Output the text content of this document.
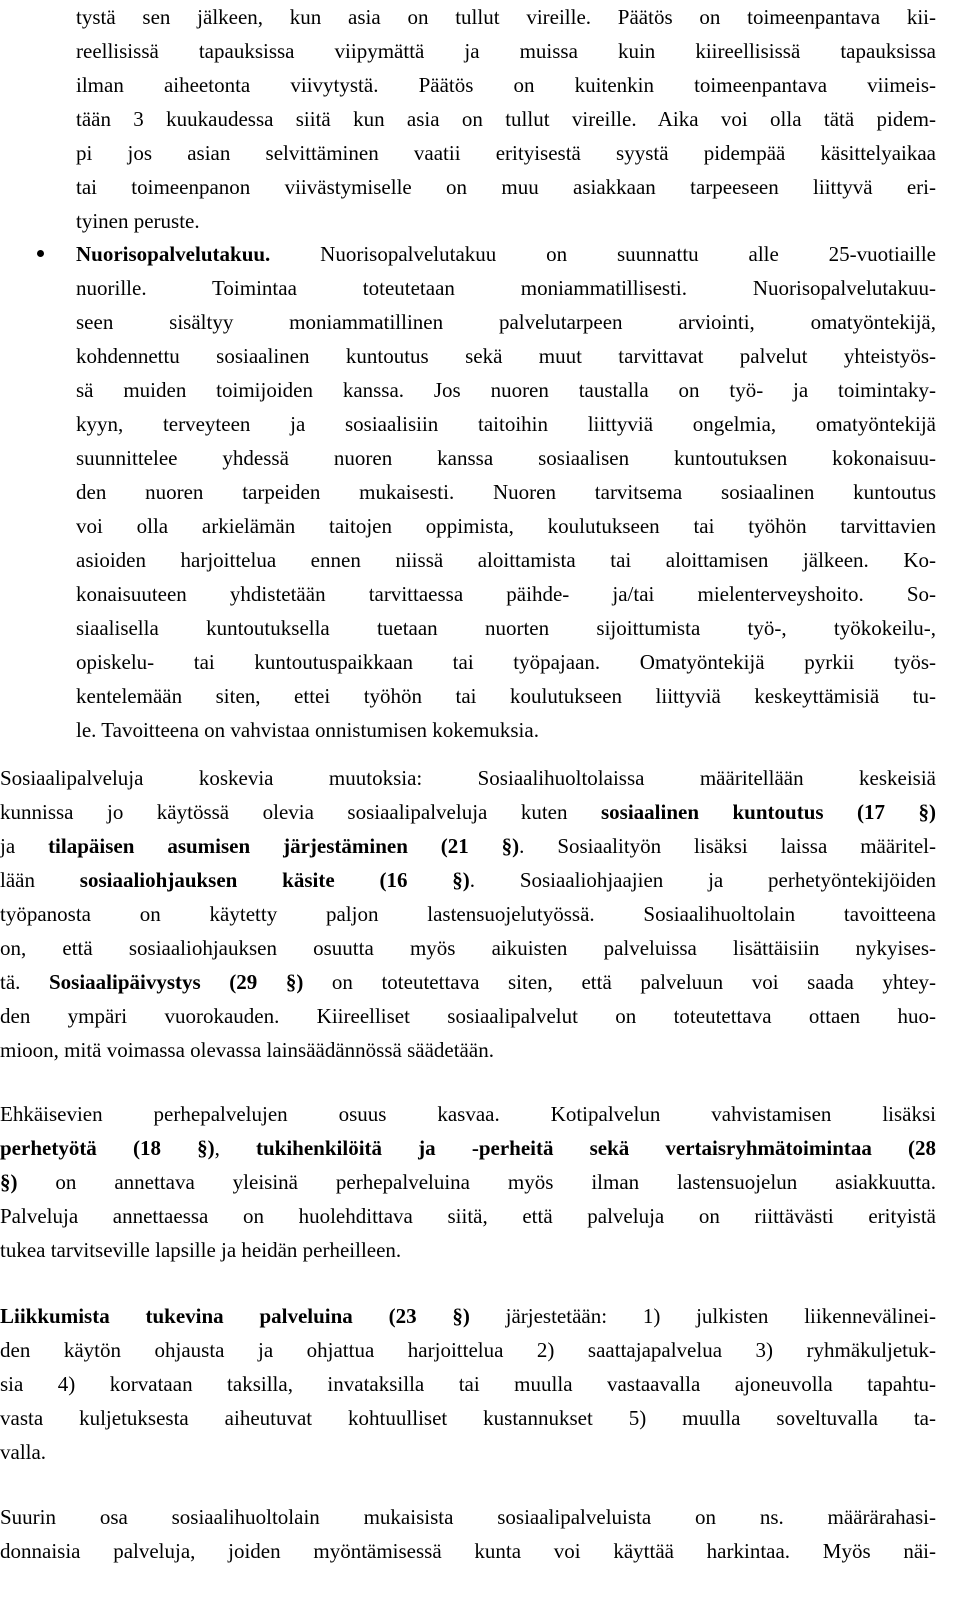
tystä sen jälkeen, kun asia on tullut vireille. Päätös on toimeenpantava kii-
reellisissä tapauksissa viipymättä ja muissa kuin kiireellisissä tapauksissa
ilman aiheetonta viivytystä. Päätös on kuitenkin toimeenpantava viimeis-
tään 3 kuukaudessa siitä kun asia on tullut vireille. Aika voi olla tätä pidem-
pi jos asian selvittäminen vaatii erityisestä syystä pidempää käsittelyaikaa
tai toimeenpanon viivästymiselle on muu asiakkaan tarpeeseen liittyvä eri-
tyinen peruste.
Nuorisopalvelutakuu. Nuorisopalvelutakuu on suunnattu alle 25-vuotiaille
nuorille. Toimintaa toteutetaan moniammatillisesti. Nuorisopalvelutakuu-
seen sisältyy moniammatillinen palvelutarpeen arviointi, omatyöntekijä,
kohdennettu sosiaalinen kuntoutus sekä muut tarvittavat palvelut yhteistyös-
sä muiden toimijoiden kanssa. Jos nuoren taustalla on työ- ja toimintaky-
kyyn, terveyteen ja sosiaalisiin taitoihin liittyviä ongelmia, omatyöntekijä
suunnittelee yhdessä nuoren kanssa sosiaalisen kuntoutuksen kokonaisuu-
den nuoren tarpeiden mukaisesti. Nuoren tarvitsema sosiaalinen kuntoutus
voi olla arkielämän taitojen oppimista, koulutukseen tai työhön tarvittavien
asioiden harjoittelua ennen niissä aloittamista tai aloittamisen jälkeen. Ko-
konaisuuteen yhdistetään tarvittaessa päihde- ja/tai mielenterveyshoito. So-
siaalisella kuntoutuksella tuetaan nuorten sijoittumista työ-, työkokeilu-,
opiskelu- tai kuntoutuspaikkaan tai työpajaan. Omatyöntekijä pyrkii työs-
kentelemään siten, ettei työhön tai koulutukseen liittyviä keskeyttämisiä tu-
le. Tavoitteena on vahvistaa onnistumisen kokemuksia.
Sosiaalipalveluja koskevia muutoksia: Sosiaalihuoltolaissa määritellään keskeisiä
kunnissa jo käytössä olevia sosiaalipalveluja kuten sosiaalinen kuntoutus (17 §)
ja tilapäisen asumisen järjestäminen (21 §). Sosiaalityön lisäksi laissa määritel-
lään sosiaaliohjauksen käsite (16 §). Sosiaaliohjaajien ja perhetyöntekijöiden
työpanosta on käytetty paljon lastensuojelutyössä. Sosiaalihuoltolain tavoitteena
on, että sosiaaliohjauksen osuutta myös aikuisten palveluissa lisättäisiin nykyises-
tä. Sosiaalipäivystys (29 §) on toteutettava siten, että palveluun voi saada yhtey-
den ympäri vuorokauden. Kiireelliset sosiaalipalvelut on toteutettava ottaen huo-
mioon, mitä voimassa olevassa lainsäädännössä säädetään.
Ehkäisevien perhepalvelujen osuus kasvaa. Kotipalvelun vahvistamisen lisäksi
perhetyötä (18 §), tukihenkilöitä ja -perheitä sekä vertaisryhmätoimintaa (28
§) on annettava yleisinä perhepalveluina myös ilman lastensuojelun asiakkuutta.
Palveluja annettaessa on huolehdittava siitä, että palveluja on riittävästi erityistä
tukea tarvitseville lapsille ja heidän perheilleen.
Liikkumista tukevina palveluina (23 §) järjestetään: 1) julkisten liikennevälinei-
den käytön ohjausta ja ohjattua harjoittelua 2) saattajapalvelua 3) ryhmäkuljetuk-
sia 4) korvataan taksilla, invataksilla tai muulla vastaavalla ajoneuvolla tapahtu-
vasta kuljetuksesta aiheutuvat kohtuulliset kustannukset 5) muulla soveltuvalla ta-
valla.
Suurin osa sosiaalihuoltolain mukaisista sosiaalipalveluista on ns. määrärahasi-
donnaisia palveluja, joiden myöntämisessä kunta voi käyttää harkintaa. Myös näi-
